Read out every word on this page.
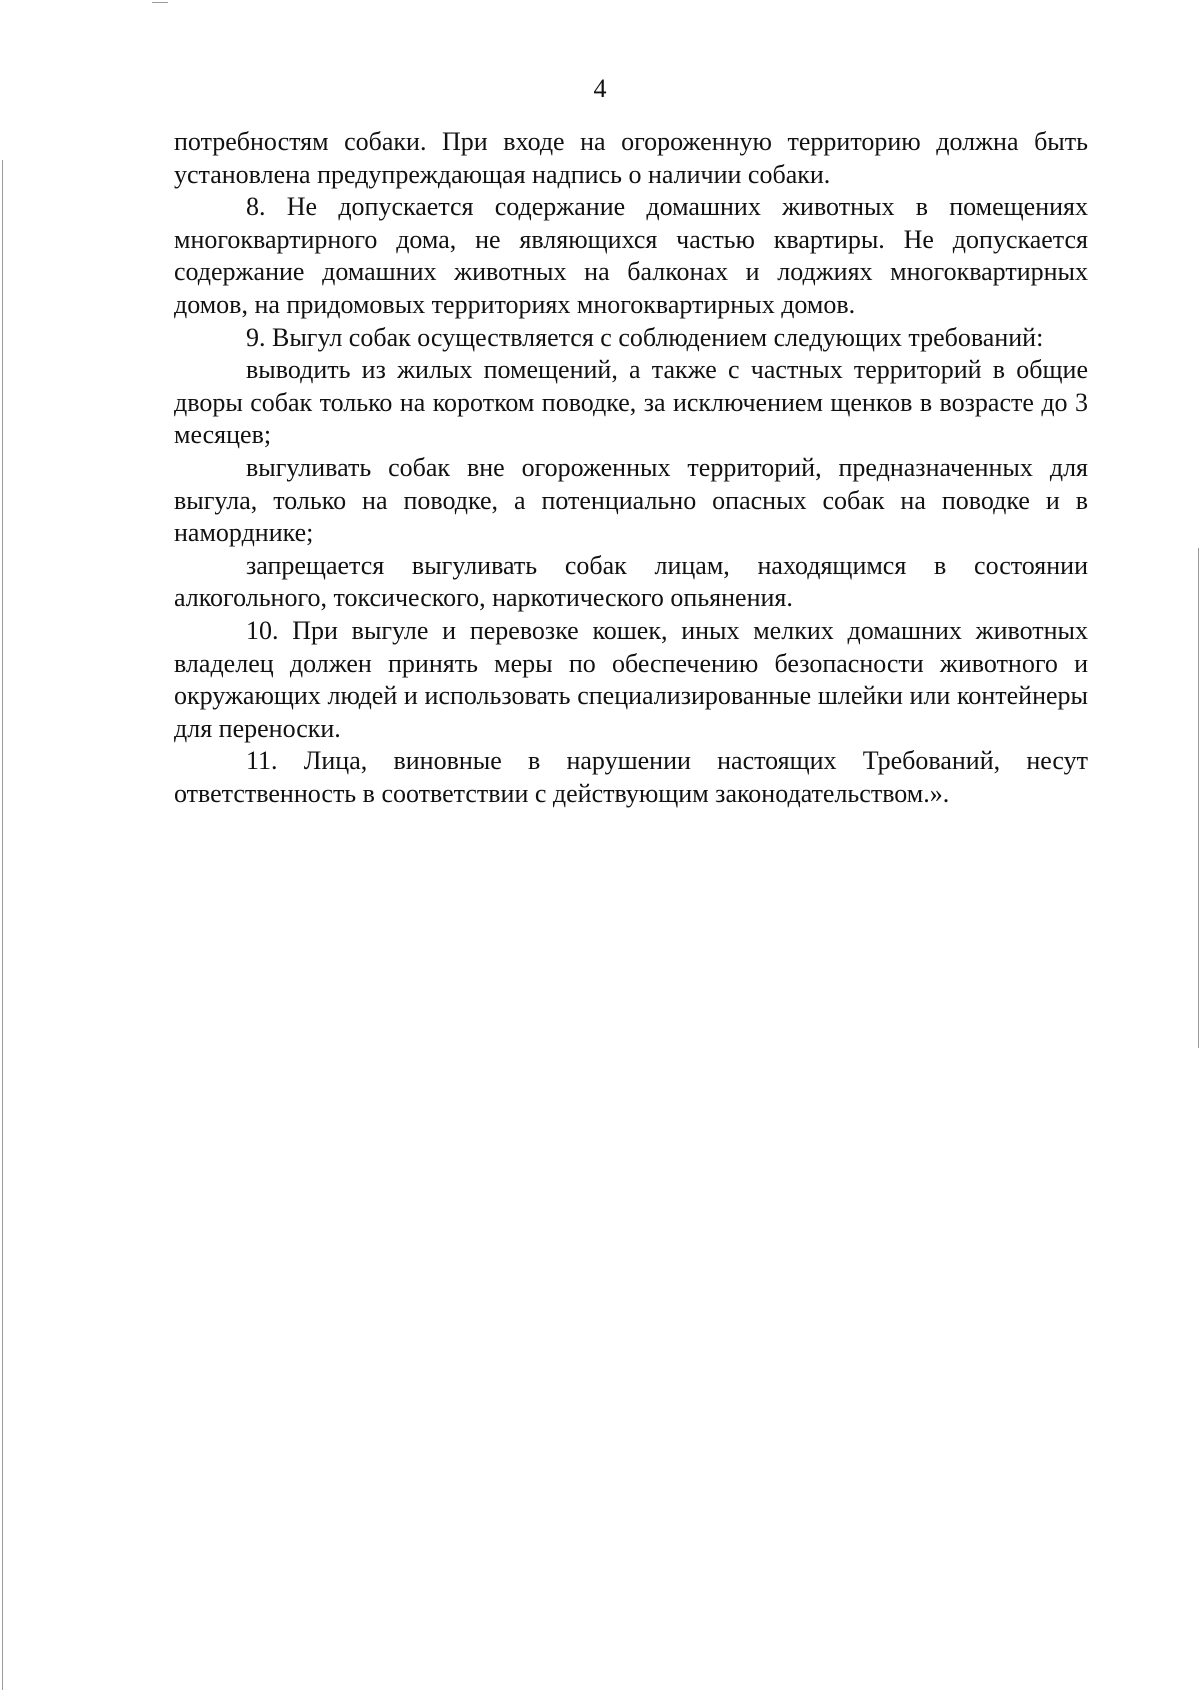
4

потребностям собаки. При входе на огороженную территорию должна быть установлена предупреждающая надпись о наличии собаки.

8. Не допускается содержание домашних животных в помещениях многоквартирного дома, не являющихся частью квартиры. Не допускается содержание домашних животных на балконах и лоджиях многоквартирных домов, на придомовых территориях многоквартирных домов.

9. Выгул собак осуществляется с соблюдением следующих требований:

выводить из жилых помещений, а также с частных территорий в общие дворы собак только на коротком поводке, за исключением щенков в возрасте до 3 месяцев;

выгуливать собак вне огороженных территорий, предназначенных для выгула, только на поводке, а потенциально опасных собак на поводке и в наморднике;

запрещается выгуливать собак лицам, находящимся в состоянии алкогольного, токсического, наркотического опьянения.

10. При выгуле и перевозке кошек, иных мелких домашних животных владелец должен принять меры по обеспечению безопасности животного и окружающих людей и использовать специализированные шлейки или контейнеры для переноски.

11. Лица, виновные в нарушении настоящих Требований, несут ответственность в соответствии с действующим законодательством.».
